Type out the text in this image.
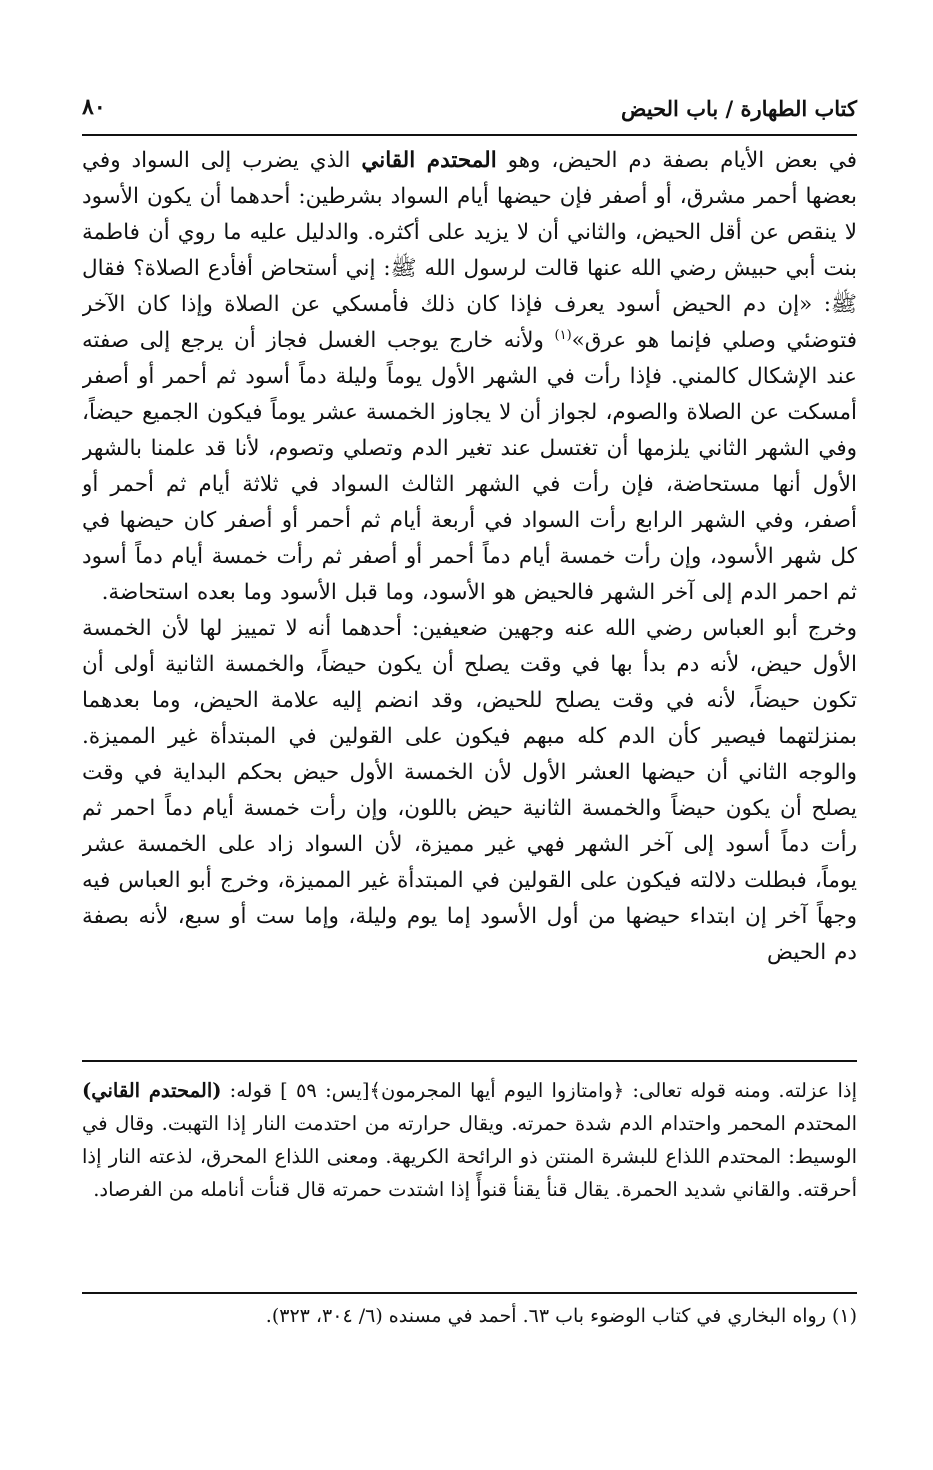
كتاب الطهارة / باب الحيض
٨٠

في بعض الأيام بصفة دم الحيض، وهو المحتدم القاني الذي يضرب إلى السواد وفي بعضها أحمر مشرق، أو أصفر فإن حيضها أيام السواد بشرطين: أحدهما أن يكون الأسود لا ينقص عن أقل الحيض، والثاني أن لا يزيد على أكثره. والدليل عليه ما روي أن فاطمة بنت أبي حبيش رضي الله عنها قالت لرسول الله ﷺ: إني أستحاض أفأدع الصلاة؟ فقال ﷺ: «إن دم الحيض أسود يعرف فإذا كان ذلك فأمسكي عن الصلاة وإذا كان الآخر فتوضئي وصلي فإنما هو عرق»$^{(١)}$ ولأنه خارج يوجب الغسل فجاز أن يرجع إلى صفته عند الإشكال كالمني. فإذا رأت في الشهر الأول يوماً وليلة دماً أسود ثم أحمر أو أصفر أمسكت عن الصلاة والصوم، لجواز أن لا يجاوز الخمسة عشر يوماً فيكون الجميع حيضاً، وفي الشهر الثاني يلزمها أن تغتسل عند تغير الدم وتصلي وتصوم، لأنا قد علمنا بالشهر الأول أنها مستحاضة، فإن رأت في الشهر الثالث السواد في ثلاثة أيام ثم أحمر أو أصفر، وفي الشهر الرابع رأت السواد في أربعة أيام ثم أحمر أو أصفر كان حيضها في كل شهر الأسود، وإن رأت خمسة أيام دماً أحمر أو أصفر ثم رأت خمسة أيام دماً أسود ثم احمر الدم إلى آخر الشهر فالحيض هو الأسود، وما قبل الأسود وما بعده استحاضة.

وخرج أبو العباس رضي الله عنه وجهين ضعيفين: أحدهما أنه لا تمييز لها لأن الخمسة الأول حيض، لأنه دم بدأ بها في وقت يصلح أن يكون حيضاً، والخمسة الثانية أولى أن تكون حيضاً، لأنه في وقت يصلح للحيض، وقد انضم إليه علامة الحيض، وما بعدهما بمنزلتهما فيصير كأن الدم كله مبهم فيكون على القولين في المبتدأة غير المميزة. والوجه الثاني أن حيضها العشر الأول لأن الخمسة الأول حيض بحكم البداية في وقت يصلح أن يكون حيضاً والخمسة الثانية حيض باللون، وإن رأت خمسة أيام دماً احمر ثم رأت دماً أسود إلى آخر الشهر فهي غير مميزة، لأن السواد زاد على الخمسة عشر يوماً، فبطلت دلالته فيكون على القولين في المبتدأة غير المميزة، وخرج أبو العباس فيه وجهاً آخر إن ابتداء حيضها من أول الأسود إما يوم وليلة، وإما ست أو سبع، لأنه بصفة دم الحيض

إذا عزلته. ومنه قوله تعالى: ﴿وامتازوا اليوم أيها المجرمون﴾[يس: ٥٩ ] قوله: (المحتدم القاني) المحتدم المحمر واحتدام الدم شدة حمرته. ويقال حرارته من احتدمت النار إذا التهبت. وقال في الوسيط: المحتدم اللذاع للبشرة المنتن ذو الرائحة الكريهة. ومعنى اللذاع المحرق، لذعته النار إذا أحرقته. والقاني شديد الحمرة. يقال قنأ يقنأ قنوأً إذا اشتدت حمرته قال قنأت أنامله من الفرصاد.

(١) رواه البخاري في كتاب الوضوء باب ٦٣. أحمد في مسنده (٦/ ٣٠٤، ٣٢٣).
